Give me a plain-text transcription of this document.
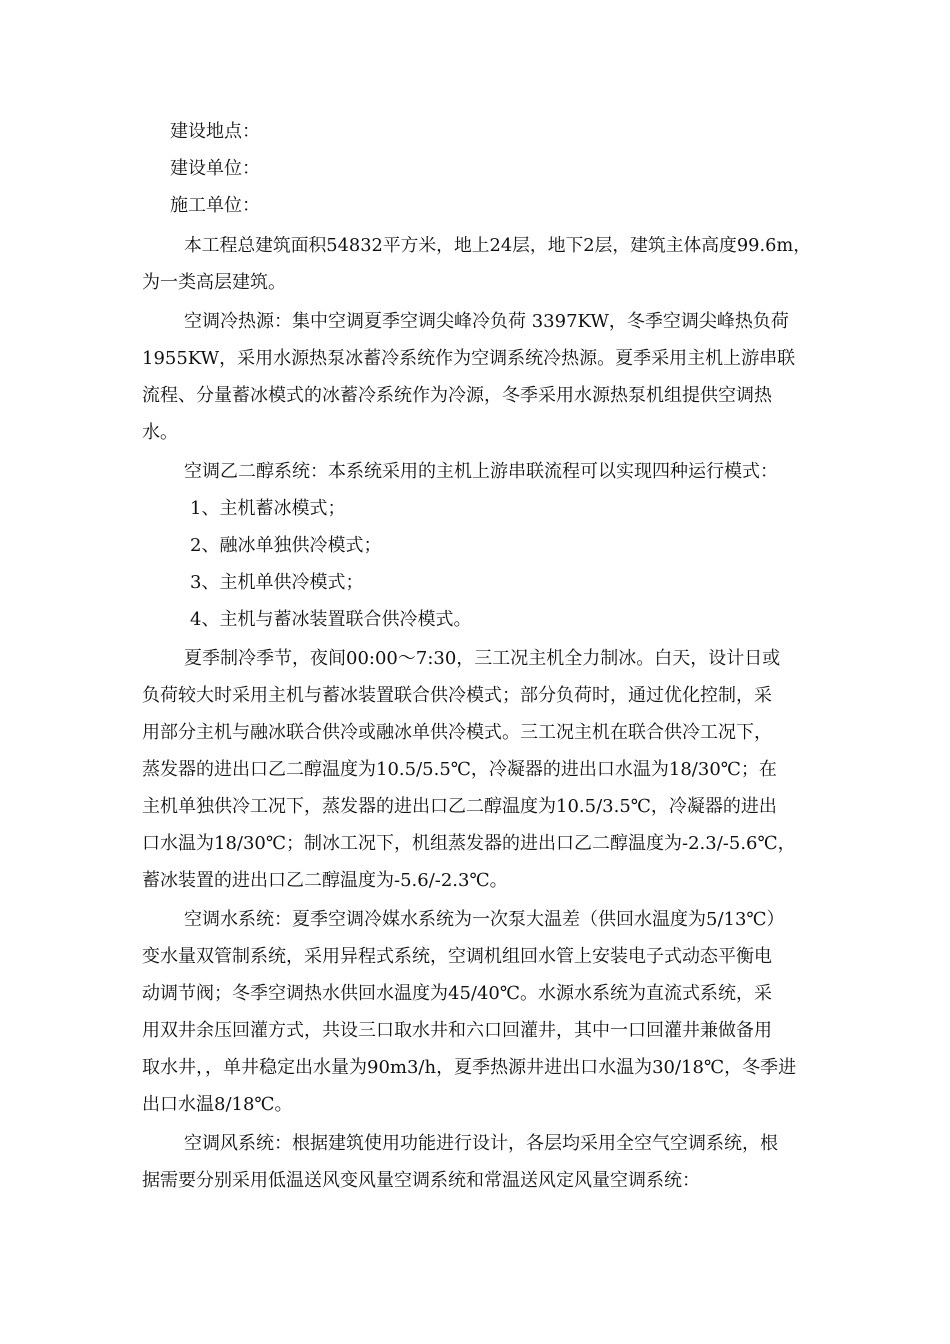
建设地点：
建设单位：
施工单位：
本工程总建筑面积54832平方米，地上24层，地下2层，建筑主体高度99.6m，
为一类高层建筑。
空调冷热源：集中空调夏季空调尖峰冷负荷 3397KW，冬季空调尖峰热负荷
1955KW，采用水源热泵冰蓄冷系统作为空调系统冷热源。夏季采用主机上游串联
流程、分量蓄冰模式的冰蓄冷系统作为冷源，冬季采用水源热泵机组提供空调热
水。
空调乙二醇系统：本系统采用的主机上游串联流程可以实现四种运行模式：
1、主机蓄冰模式；
2、融冰单独供冷模式；
3、主机单供冷模式；
4、主机与蓄冰装置联合供冷模式。
夏季制冷季节，夜间00:00～7:30，三工况主机全力制冰。白天，设计日或
负荷较大时采用主机与蓄冰装置联合供冷模式；部分负荷时，通过优化控制，采
用部分主机与融冰联合供冷或融冰单供冷模式。三工况主机在联合供冷工况下，
蒸发器的进出口乙二醇温度为10.5/5.5℃，冷凝器的进出口水温为18/30℃；在
主机单独供冷工况下，蒸发器的进出口乙二醇温度为10.5/3.5℃，冷凝器的进出
口水温为18/30℃；制冰工况下，机组蒸发器的进出口乙二醇温度为-2.3/-5.6℃，
蓄冰装置的进出口乙二醇温度为-5.6/-2.3℃。
空调水系统：夏季空调冷媒水系统为一次泵大温差（供回水温度为5/13℃）
变水量双管制系统，采用异程式系统，空调机组回水管上安装电子式动态平衡电
动调节阀；冬季空调热水供回水温度为45/40℃。水源水系统为直流式系统，采
用双井余压回灌方式，共设三口取水井和六口回灌井，其中一口回灌井兼做备用
取水井，，单井稳定出水量为90m3/h，夏季热源井进出口水温为30/18℃，冬季进
出口水温8/18℃。
空调风系统：根据建筑使用功能进行设计，各层均采用全空气空调系统，根
据需要分别采用低温送风变风量空调系统和常温送风定风量空调系统：
